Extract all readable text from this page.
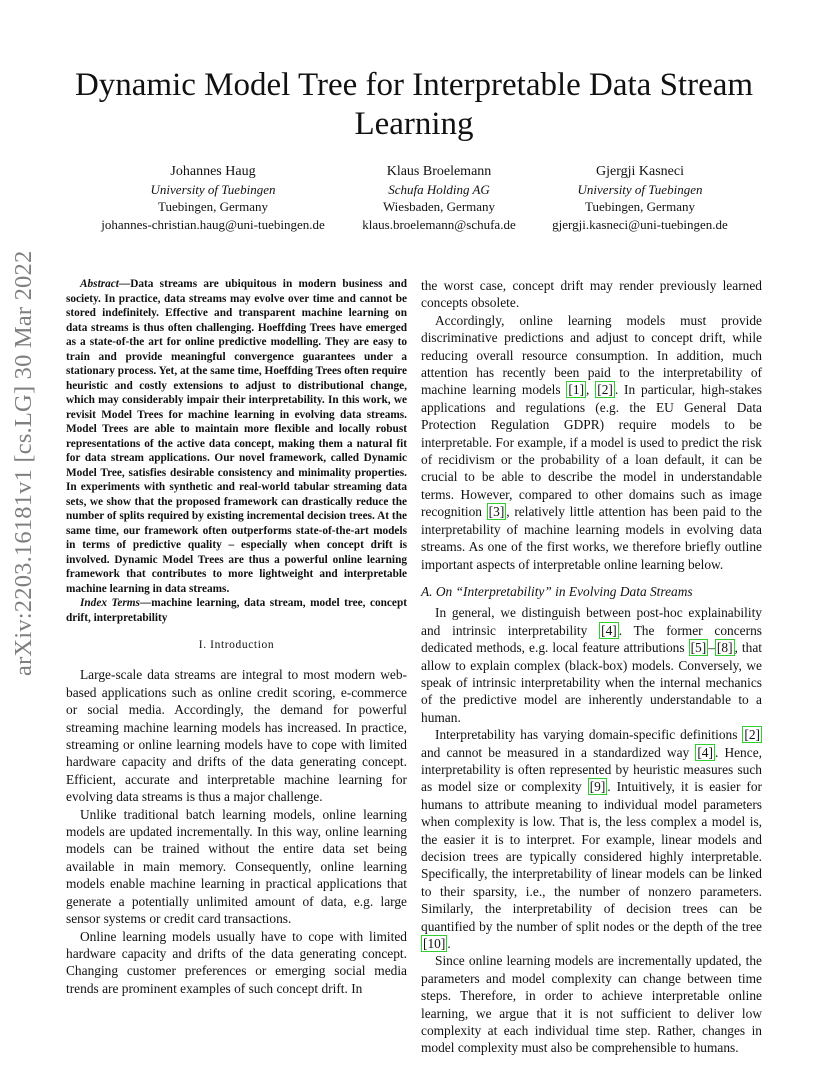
arXiv:2203.16181v1 [cs.LG] 30 Mar 2022
Dynamic Model Tree for Interpretable Data Stream Learning
Johannes Haug
University of Tuebingen
Tuebingen, Germany
johannes-christian.haug@uni-tuebingen.de
Klaus Broelemann
Schufa Holding AG
Wiesbaden, Germany
klaus.broelemann@schufa.de
Gjergji Kasneci
University of Tuebingen
Tuebingen, Germany
gjergji.kasneci@uni-tuebingen.de

Abstract—Data streams are ubiquitous in modern business and society. In practice, data streams may evolve over time and cannot be stored indefinitely. Effective and transparent machine learning on data streams is thus often challenging. Hoeffding Trees have emerged as a state-of-the art for online predictive modelling. They are easy to train and provide meaningful convergence guarantees under a stationary process. Yet, at the same time, Hoeffding Trees often require heuristic and costly extensions to adjust to distributional change, which may considerably impair their interpretability. In this work, we revisit Model Trees for machine learning in evolving data streams. Model Trees are able to maintain more flexible and locally robust representations of the active data concept, making them a natural fit for data stream applications. Our novel framework, called Dynamic Model Tree, satisfies desirable consistency and minimality properties. In experiments with synthetic and real-world tabular streaming data sets, we show that the proposed framework can drastically reduce the number of splits required by existing incremental decision trees. At the same time, our framework often outperforms state-of-the-art models in terms of predictive quality – especially when concept drift is involved. Dynamic Model Trees are thus a powerful online learning framework that contributes to more lightweight and interpretable machine learning in data streams.

Index Terms—machine learning, data stream, model tree, concept drift, interpretability

I. Introduction

Large-scale data streams are integral to most modern web-based applications such as online credit scoring, e-commerce or social media. Accordingly, the demand for powerful streaming machine learning models has increased. In practice, streaming or online learning models have to cope with limited hardware capacity and drifts of the data generating concept. Efficient, accurate and interpretable machine learning for evolving data streams is thus a major challenge.

Unlike traditional batch learning models, online learning models are updated incrementally. In this way, online learning models can be trained without the entire data set being available in main memory. Consequently, online learning models enable machine learning in practical applications that generate a potentially unlimited amount of data, e.g. large sensor systems or credit card transactions.

Online learning models usually have to cope with limited hardware capacity and drifts of the data generating concept. Changing customer preferences or emerging social media trends are prominent examples of such concept drift. In

the worst case, concept drift may render previously learned concepts obsolete.

Accordingly, online learning models must provide discriminative predictions and adjust to concept drift, while reducing overall resource consumption. In addition, much attention has recently been paid to the interpretability of machine learning models [1] , [2] . In particular, high-stakes applications and regulations (e.g. the EU General Data Protection Regulation GDPR) require models to be interpretable. For example, if a model is used to predict the risk of recidivism or the probability of a loan default, it can be crucial to be able to describe the model in understandable terms. However, compared to other domains such as image recognition [3] , relatively little attention has been paid to the interpretability of machine learning models in evolving data streams. As one of the first works, we therefore briefly outline important aspects of interpretable online learning below.

A. On “Interpretability” in Evolving Data Streams

In general, we distinguish between post-hoc explainability and intrinsic interpretability [4] . The former concerns dedicated methods, e.g. local feature attributions [5] – [8] , that allow to explain complex (black-box) models. Conversely, we speak of intrinsic interpretability when the internal mechanics of the predictive model are inherently understandable to a human.

Interpretability has varying domain-specific definitions [2] and cannot be measured in a standardized way [4] . Hence, interpretability is often represented by heuristic measures such as model size or complexity [9] . Intuitively, it is easier for humans to attribute meaning to individual model parameters when complexity is low. That is, the less complex a model is, the easier it is to interpret. For example, linear models and decision trees are typically considered highly interpretable. Specifically, the interpretability of linear models can be linked to their sparsity, i.e., the number of nonzero parameters. Similarly, the interpretability of decision trees can be quantified by the number of split nodes or the depth of the tree [10] .

Since online learning models are incrementally updated, the parameters and model complexity can change between time steps. Therefore, in order to achieve interpretable online learning, we argue that it is not sufficient to deliver low complexity at each individual time step. Rather, changes in model complexity must also be comprehensible to humans.
